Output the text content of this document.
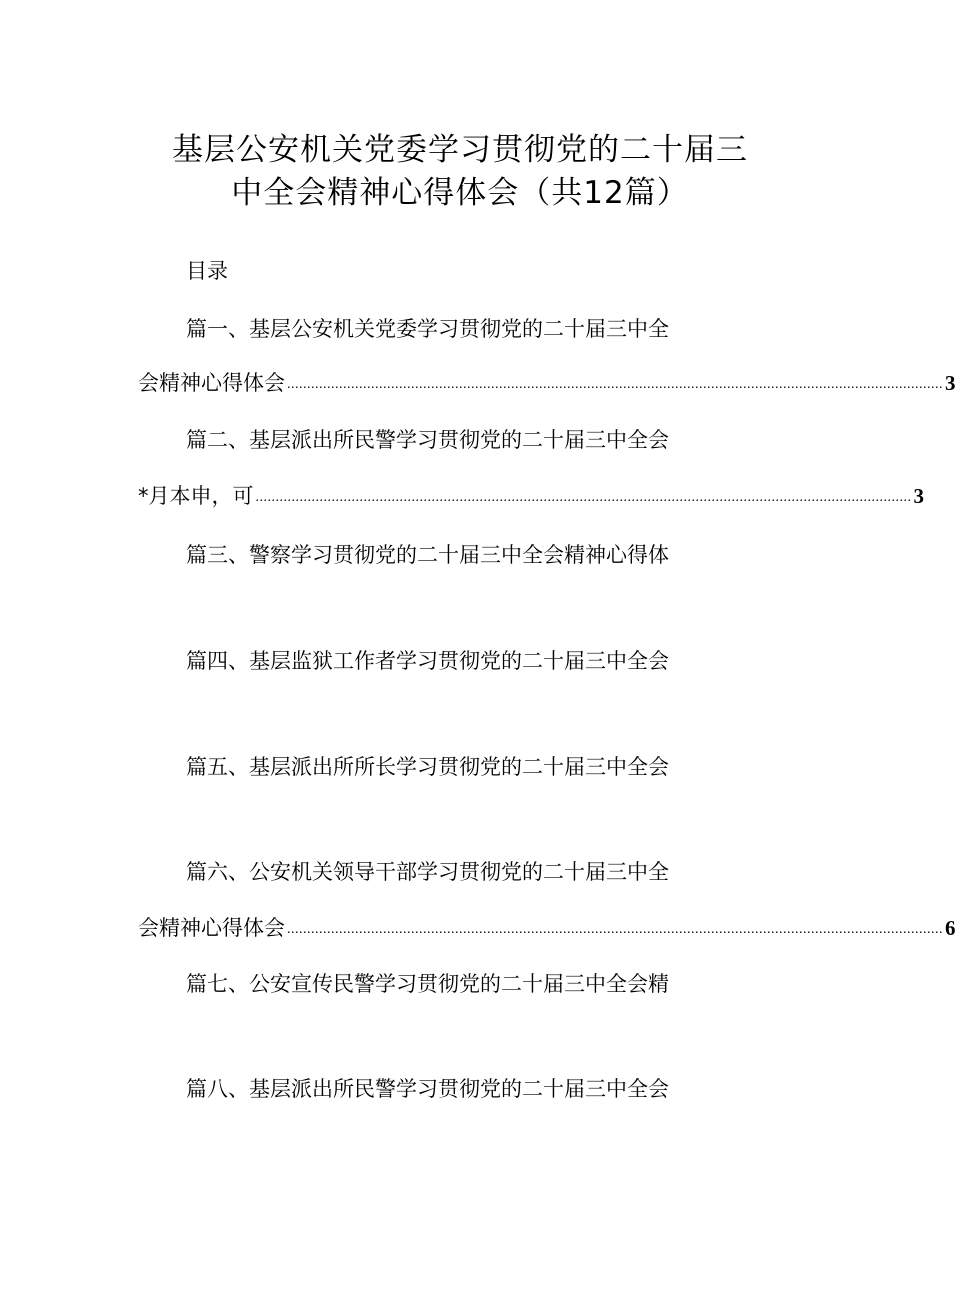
基层公安机关党委学习贯彻党的二十届三
中全会精神心得体会（共12篇）
目录
篇一、基层公安机关党委学习贯彻党的二十届三中全
会精神心得体会 .................................................................................................................................................................... 3
篇二、基层派出所民警学习贯彻党的二十届三中全会
*月本申，可 .................................................................................................................................................................... 3
篇三、警察学习贯彻党的二十届三中全会精神心得体
篇四、基层监狱工作者学习贯彻党的二十届三中全会
篇五、基层派出所所长学习贯彻党的二十届三中全会
篇六、公安机关领导干部学习贯彻党的二十届三中全
会精神心得体会 .................................................................................................................................................................... 6
篇七、公安宣传民警学习贯彻党的二十届三中全会精
篇八、基层派出所民警学习贯彻党的二十届三中全会
